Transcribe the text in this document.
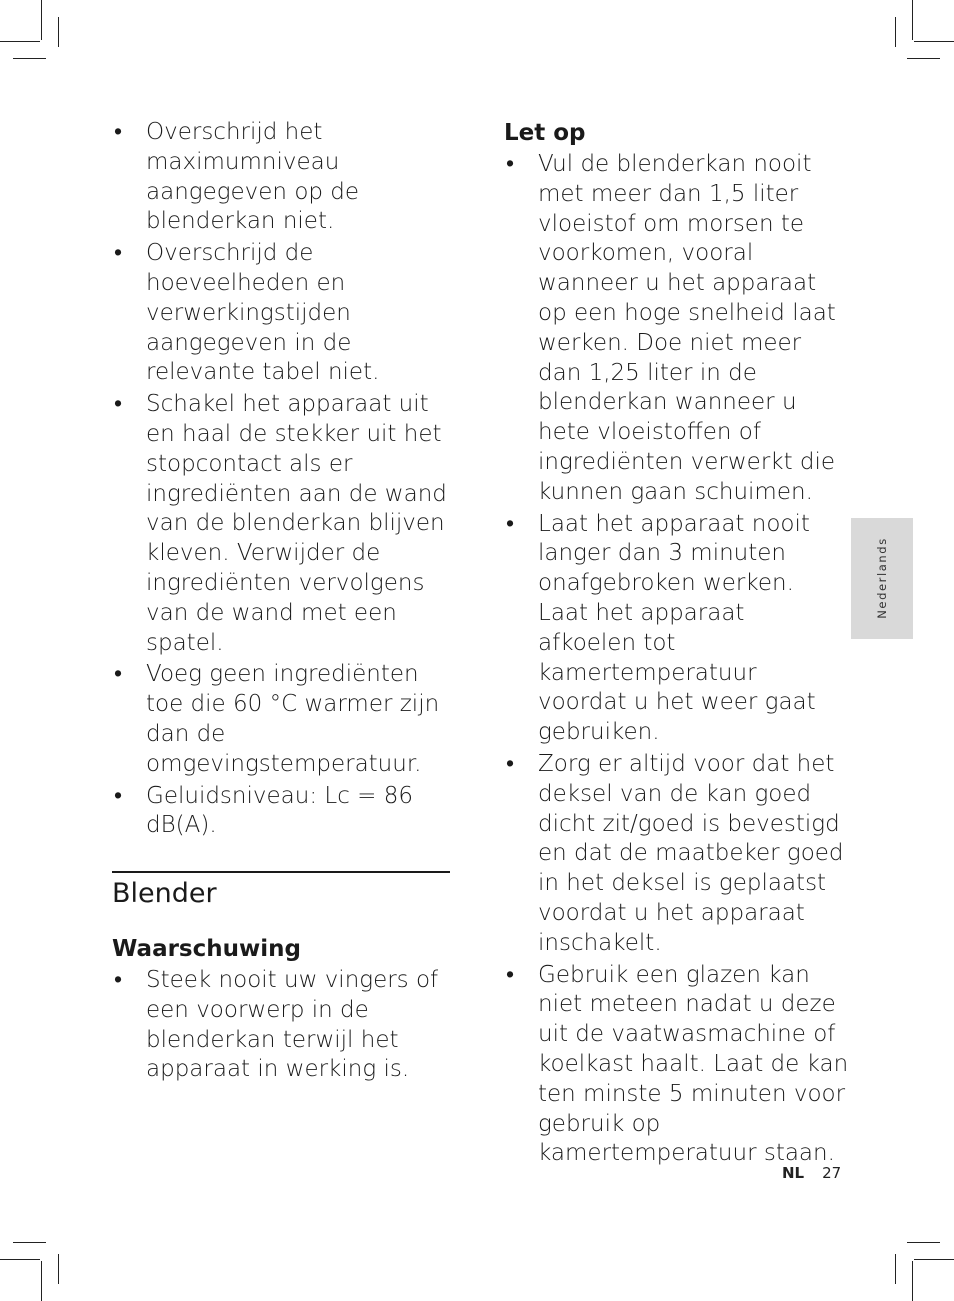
• Overschrijd het maximumniveau aangegeven op de blenderkan niet.
• Overschrijd de hoeveelheden en verwerkingstijden aangegeven in de relevante tabel niet.
• Schakel het apparaat uit en haal de stekker uit het stopcontact als er ingrediënten aan de wand van de blenderkan blijven kleven. Verwijder de ingrediënten vervolgens van de wand met een spatel.
• Voeg geen ingrediënten toe die 60 °C warmer zijn dan de omgevingstemperatuur.
• Geluidsniveau: Lc = 86 dB(A).
Blender
Waarschuwing
• Steek nooit uw vingers of een voorwerp in de blenderkan terwijl het apparaat in werking is.
Let op
• Vul de blenderkan nooit met meer dan 1,5 liter vloeistof om morsen te voorkomen, vooral wanneer u het apparaat op een hoge snelheid laat werken. Doe niet meer dan 1,25 liter in de blenderkan wanneer u hete vloeistoffen of ingrediënten verwerkt die kunnen gaan schuimen.
• Laat het apparaat nooit langer dan 3 minuten onafgebroken werken. Laat het apparaat afkoelen tot kamertemperatuur voordat u het weer gaat gebruiken.
• Zorg er altijd voor dat het deksel van de kan goed dicht zit/goed is bevestigd en dat de maatbeker goed in het deksel is geplaatst voordat u het apparaat inschakelt.
• Gebruik een glazen kan niet meteen nadat u deze uit de vaatwasmachine of koelkast haalt. Laat de kan ten minste 5 minuten voor gebruik op kamertemperatuur staan.
Nederlands
NL 27
